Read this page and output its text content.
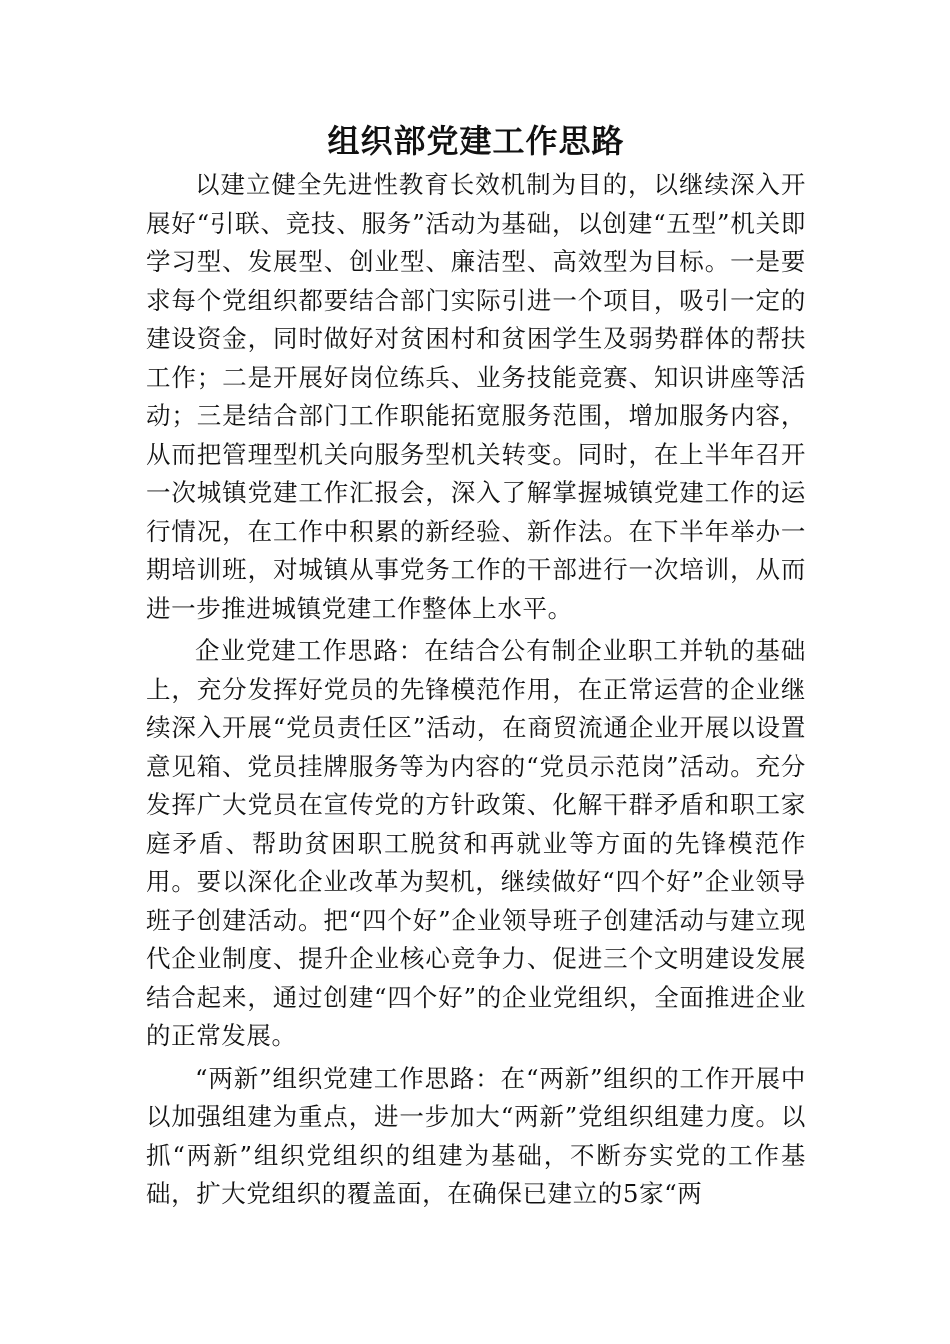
组织部党建工作思路

以建立健全先进性教育长效机制为目的，以继续深入开展好“引联、竞技、服务”活动为基础，以创建“五型”机关即学习型、发展型、创业型、廉洁型、高效型为目标。一是要求每个党组织都要结合部门实际引进一个项目，吸引一定的建设资金，同时做好对贫困村和贫困学生及弱势群体的帮扶工作；二是开展好岗位练兵、业务技能竞赛、知识讲座等活动；三是结合部门工作职能拓宽服务范围，增加服务内容，从而把管理型机关向服务型机关转变。同时，在上半年召开一次城镇党建工作汇报会，深入了解掌握城镇党建工作的运行情况，在工作中积累的新经验、新作法。在下半年举办一期培训班，对城镇从事党务工作的干部进行一次培训，从而进一步推进城镇党建工作整体上水平。

企业党建工作思路：在结合公有制企业职工并轨的基础上，充分发挥好党员的先锋模范作用，在正常运营的企业继续深入开展“党员责任区”活动，在商贸流通企业开展以设置意见箱、党员挂牌服务等为内容的“党员示范岗”活动。充分发挥广大党员在宣传党的方针政策、化解干群矛盾和职工家庭矛盾、帮助贫困职工脱贫和再就业等方面的先锋模范作用。要以深化企业改革为契机，继续做好“四个好”企业领导班子创建活动。把“四个好”企业领导班子创建活动与建立现代企业制度、提升企业核心竞争力、促进三个文明建设发展结合起来，通过创建“四个好”的企业党组织，全面推进企业的正常发展。

“两新”组织党建工作思路：在“两新”组织的工作开展中以加强组建为重点，进一步加大“两新”党组织组建力度。以抓“两新”组织党组织的组建为基础，不断夯实党的工作基础，扩大党组织的覆盖面，在确保已建立的5家“两
